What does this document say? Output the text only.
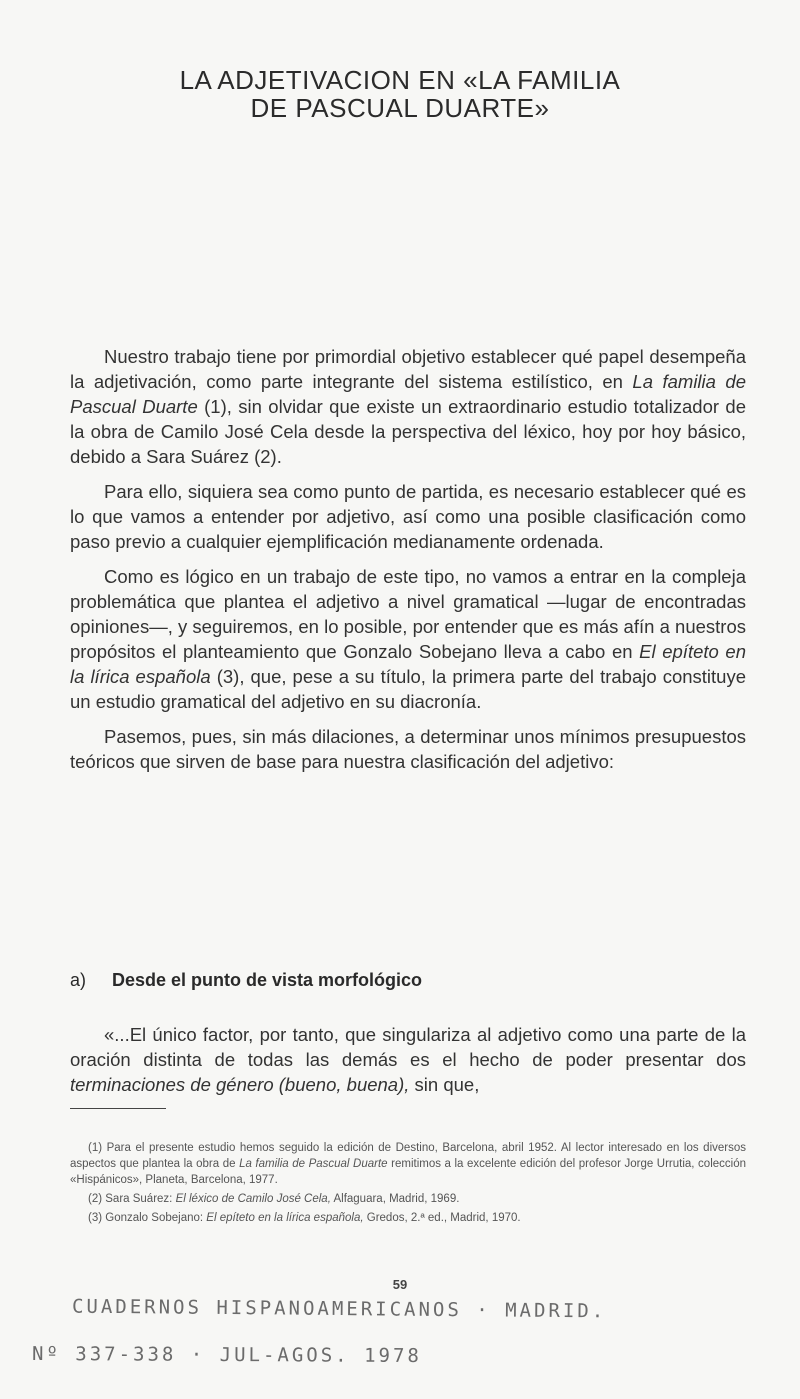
LA ADJETIVACION EN «LA FAMILIA
DE PASCUAL DUARTE»

Nuestro trabajo tiene por primordial objetivo establecer qué papel desempeña la adjetivación, como parte integrante del sistema estilístico, en La familia de Pascual Duarte (1), sin olvidar que existe un extraordinario estudio totalizador de la obra de Camilo José Cela desde la perspectiva del léxico, hoy por hoy básico, debido a Sara Suárez (2).

Para ello, siquiera sea como punto de partida, es necesario establecer qué es lo que vamos a entender por adjetivo, así como una posible clasificación como paso previo a cualquier ejemplificación medianamente ordenada.

Como es lógico en un trabajo de este tipo, no vamos a entrar en la compleja problemática que plantea el adjetivo a nivel gramatical —lugar de encontradas opiniones—, y seguiremos, en lo posible, por entender que es más afín a nuestros propósitos el planteamiento que Gonzalo Sobejano lleva a cabo en El epíteto en la lírica española (3), que, pese a su título, la primera parte del trabajo constituye un estudio gramatical del adjetivo en su diacronía.

Pasemos, pues, sin más dilaciones, a determinar unos mínimos presupuestos teóricos que sirven de base para nuestra clasificación del adjetivo:

a) Desde el punto de vista morfológico

«...El único factor, por tanto, que singulariza al adjetivo como una parte de la oración distinta de todas las demás es el hecho de poder presentar dos terminaciones de género (bueno, buena), sin que,

(1) Para el presente estudio hemos seguido la edición de Destino, Barcelona, abril 1952. Al lector interesado en los diversos aspectos que plantea la obra de La familia de Pascual Duarte remitimos a la excelente edición del profesor Jorge Urrutia, colección «Hispánicos», Planeta, Barcelona, 1977.

(2) Sara Suárez: El léxico de Camilo José Cela, Alfaguara, Madrid, 1969.

(3) Gonzalo Sobejano: El epíteto en la lírica española, Gredos, 2.ª ed., Madrid, 1970.

59
CUADERNOS HISPANOAMERICANOS · MADRID.
Nº 337-338 · JUL-AGOS. 1978
